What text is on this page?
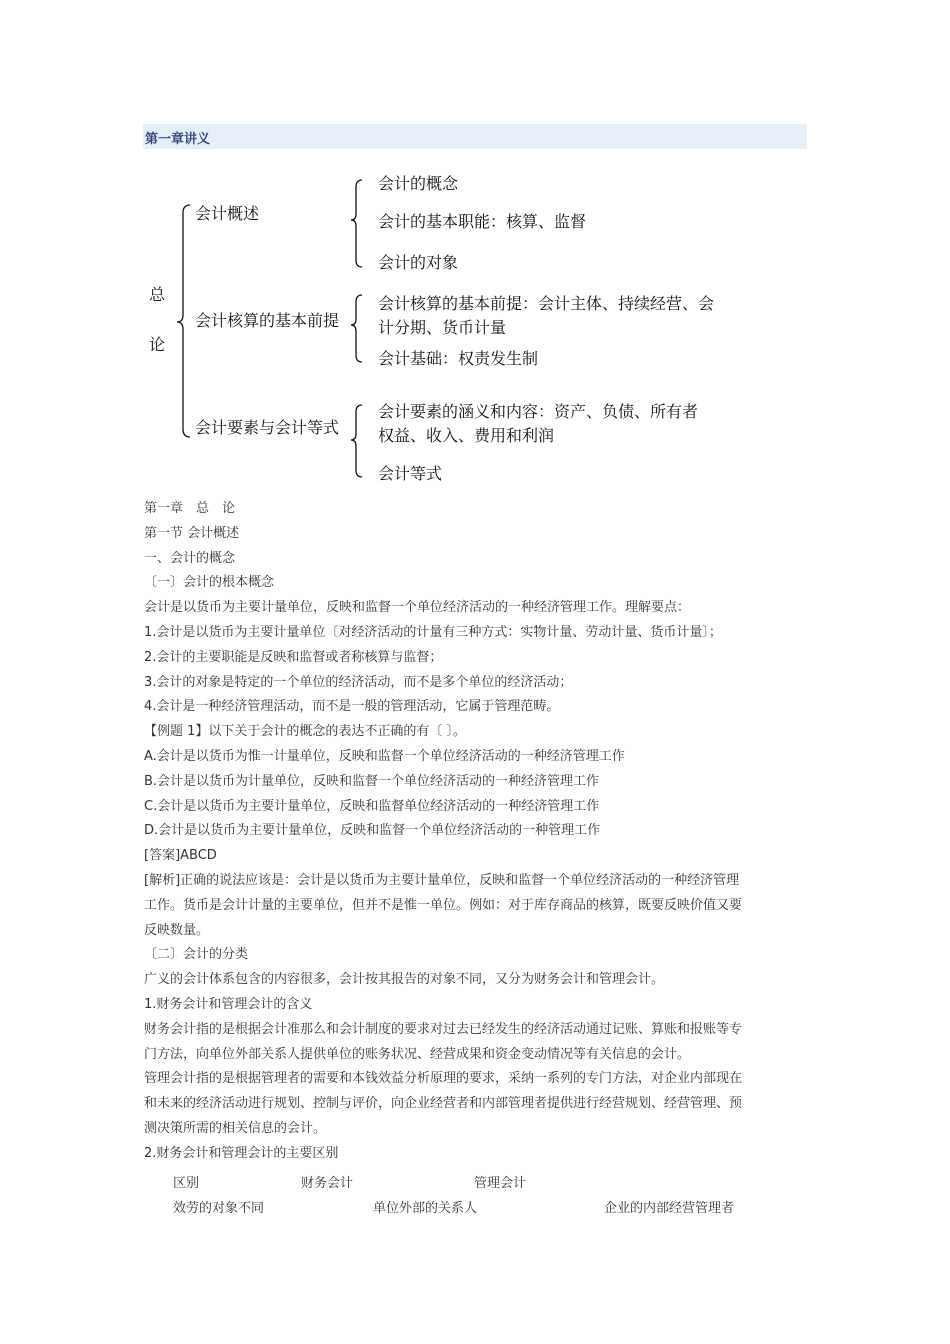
第一章讲义
总
论
会计概述
会计核算的基本前提
会计要素与会计等式
会计的概念
会计的基本职能：核算、监督
会计的对象
会计核算的基本前提：会计主体、持续经营、会
计分期、货币计量
会计基础：权责发生制
会计要素的涵义和内容：资产、负债、所有者
权益、收入、费用和利润
会计等式
第一章　总　论
第一节 会计概述
一、会计的概念
〔一〕会计的根本概念
会计是以货币为主要计量单位，反映和监督一个单位经济活动的一种经济管理工作。理解要点：
1.会计是以货币为主要计量单位〔对经济活动的计量有三种方式：实物计量、劳动计量、货币计量〕；
2.会计的主要职能是反映和监督或者称核算与监督；
3.会计的对象是特定的一个单位的经济活动，而不是多个单位的经济活动；
4.会计是一种经济管理活动，而不是一般的管理活动，它属于管理范畴。
【例题 1】以下关于会计的概念的表达不正确的有〔 〕。
A.会计是以货币为惟一计量单位，反映和监督一个单位经济活动的一种经济管理工作
B.会计是以货币为计量单位，反映和监督一个单位经济活动的一种经济管理工作
C.会计是以货币为主要计量单位，反映和监督单位经济活动的一种经济管理工作
D.会计是以货币为主要计量单位，反映和监督一个单位经济活动的一种管理工作
[答案]ABCD
[解析]正确的说法应该是：会计是以货币为主要计量单位，反映和监督一个单位经济活动的一种经济管理
工作。货币是会计计量的主要单位，但并不是惟一单位。例如：对于库存商品的核算，既要反映价值又要
反映数量。
〔二〕会计的分类
广义的会计体系包含的内容很多，会计按其报告的对象不同，又分为财务会计和管理会计。
1.财务会计和管理会计的含义
财务会计指的是根据会计准那么和会计制度的要求对过去已经发生的经济活动通过记账、算账和报账等专
门方法，向单位外部关系人提供单位的账务状况、经营成果和资金变动情况等有关信息的会计。
管理会计指的是根据管理者的需要和本钱效益分析原理的要求，采纳一系列的专门方法，对企业内部现在
和未来的经济活动进行规划、控制与评价，向企业经营者和内部管理者提供进行经营规划、经营管理、预
测决策所需的相关信息的会计。
2.财务会计和管理会计的主要区别
区别	财务会计	管理会计
效劳的对象不同	单位外部的关系人	企业的内部经营管理者
